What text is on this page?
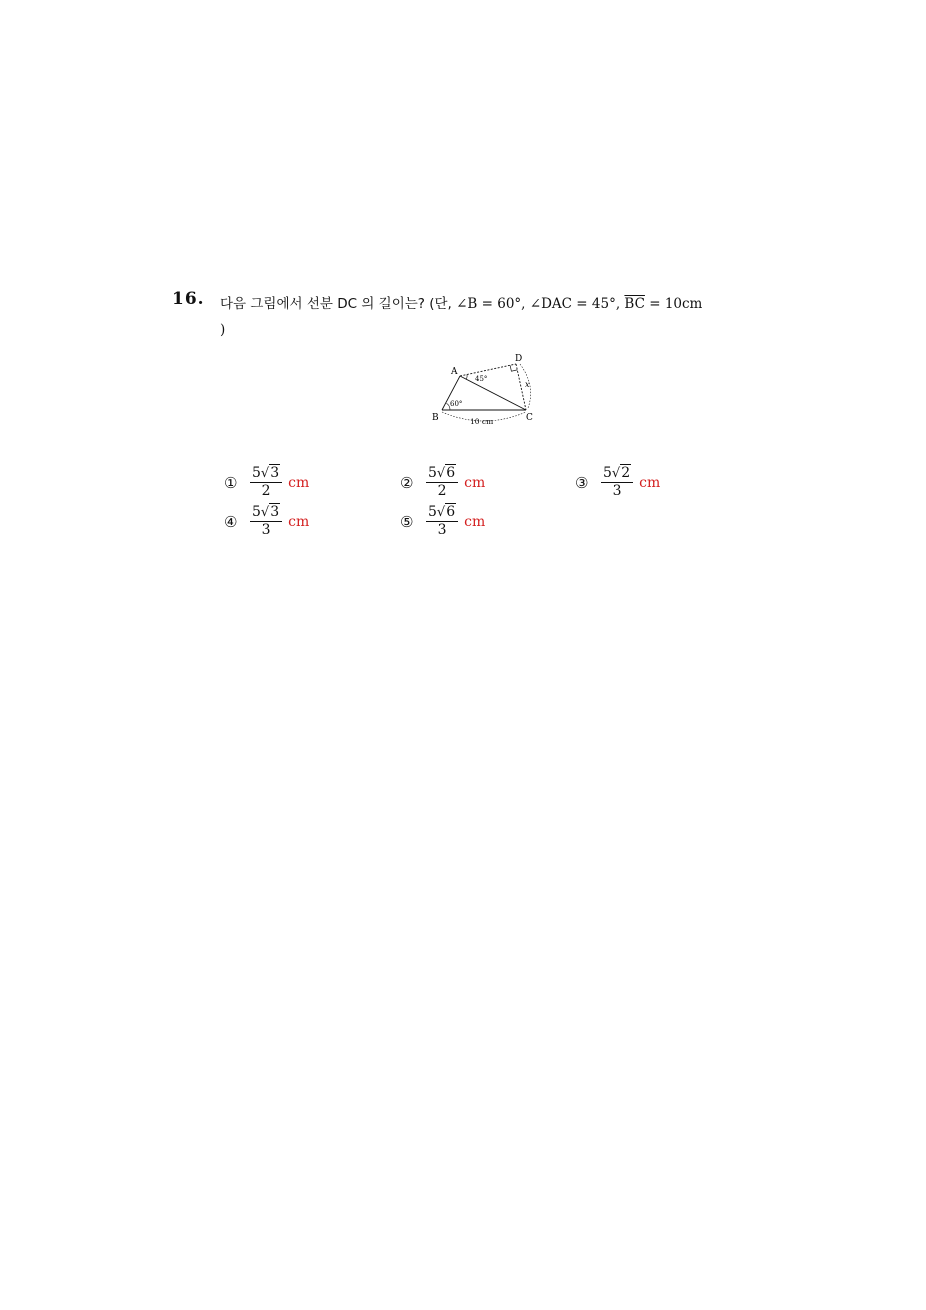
16. 다음 그림에서 선분 DC 의 길이는? (단, ∠B = 60°, ∠DAC = 45°, $\overline{BC} = 10cm$
)
A
B	C
D
60°
45°
x
10 cm
① $\frac{5√3}{2}$ cm	② $\frac{5√6}{2}$ cm	③ $\frac{5√2}{3}$ cm
④ $\frac{5√3}{3}$ cm	⑤ $\frac{5√6}{3}$ cm
